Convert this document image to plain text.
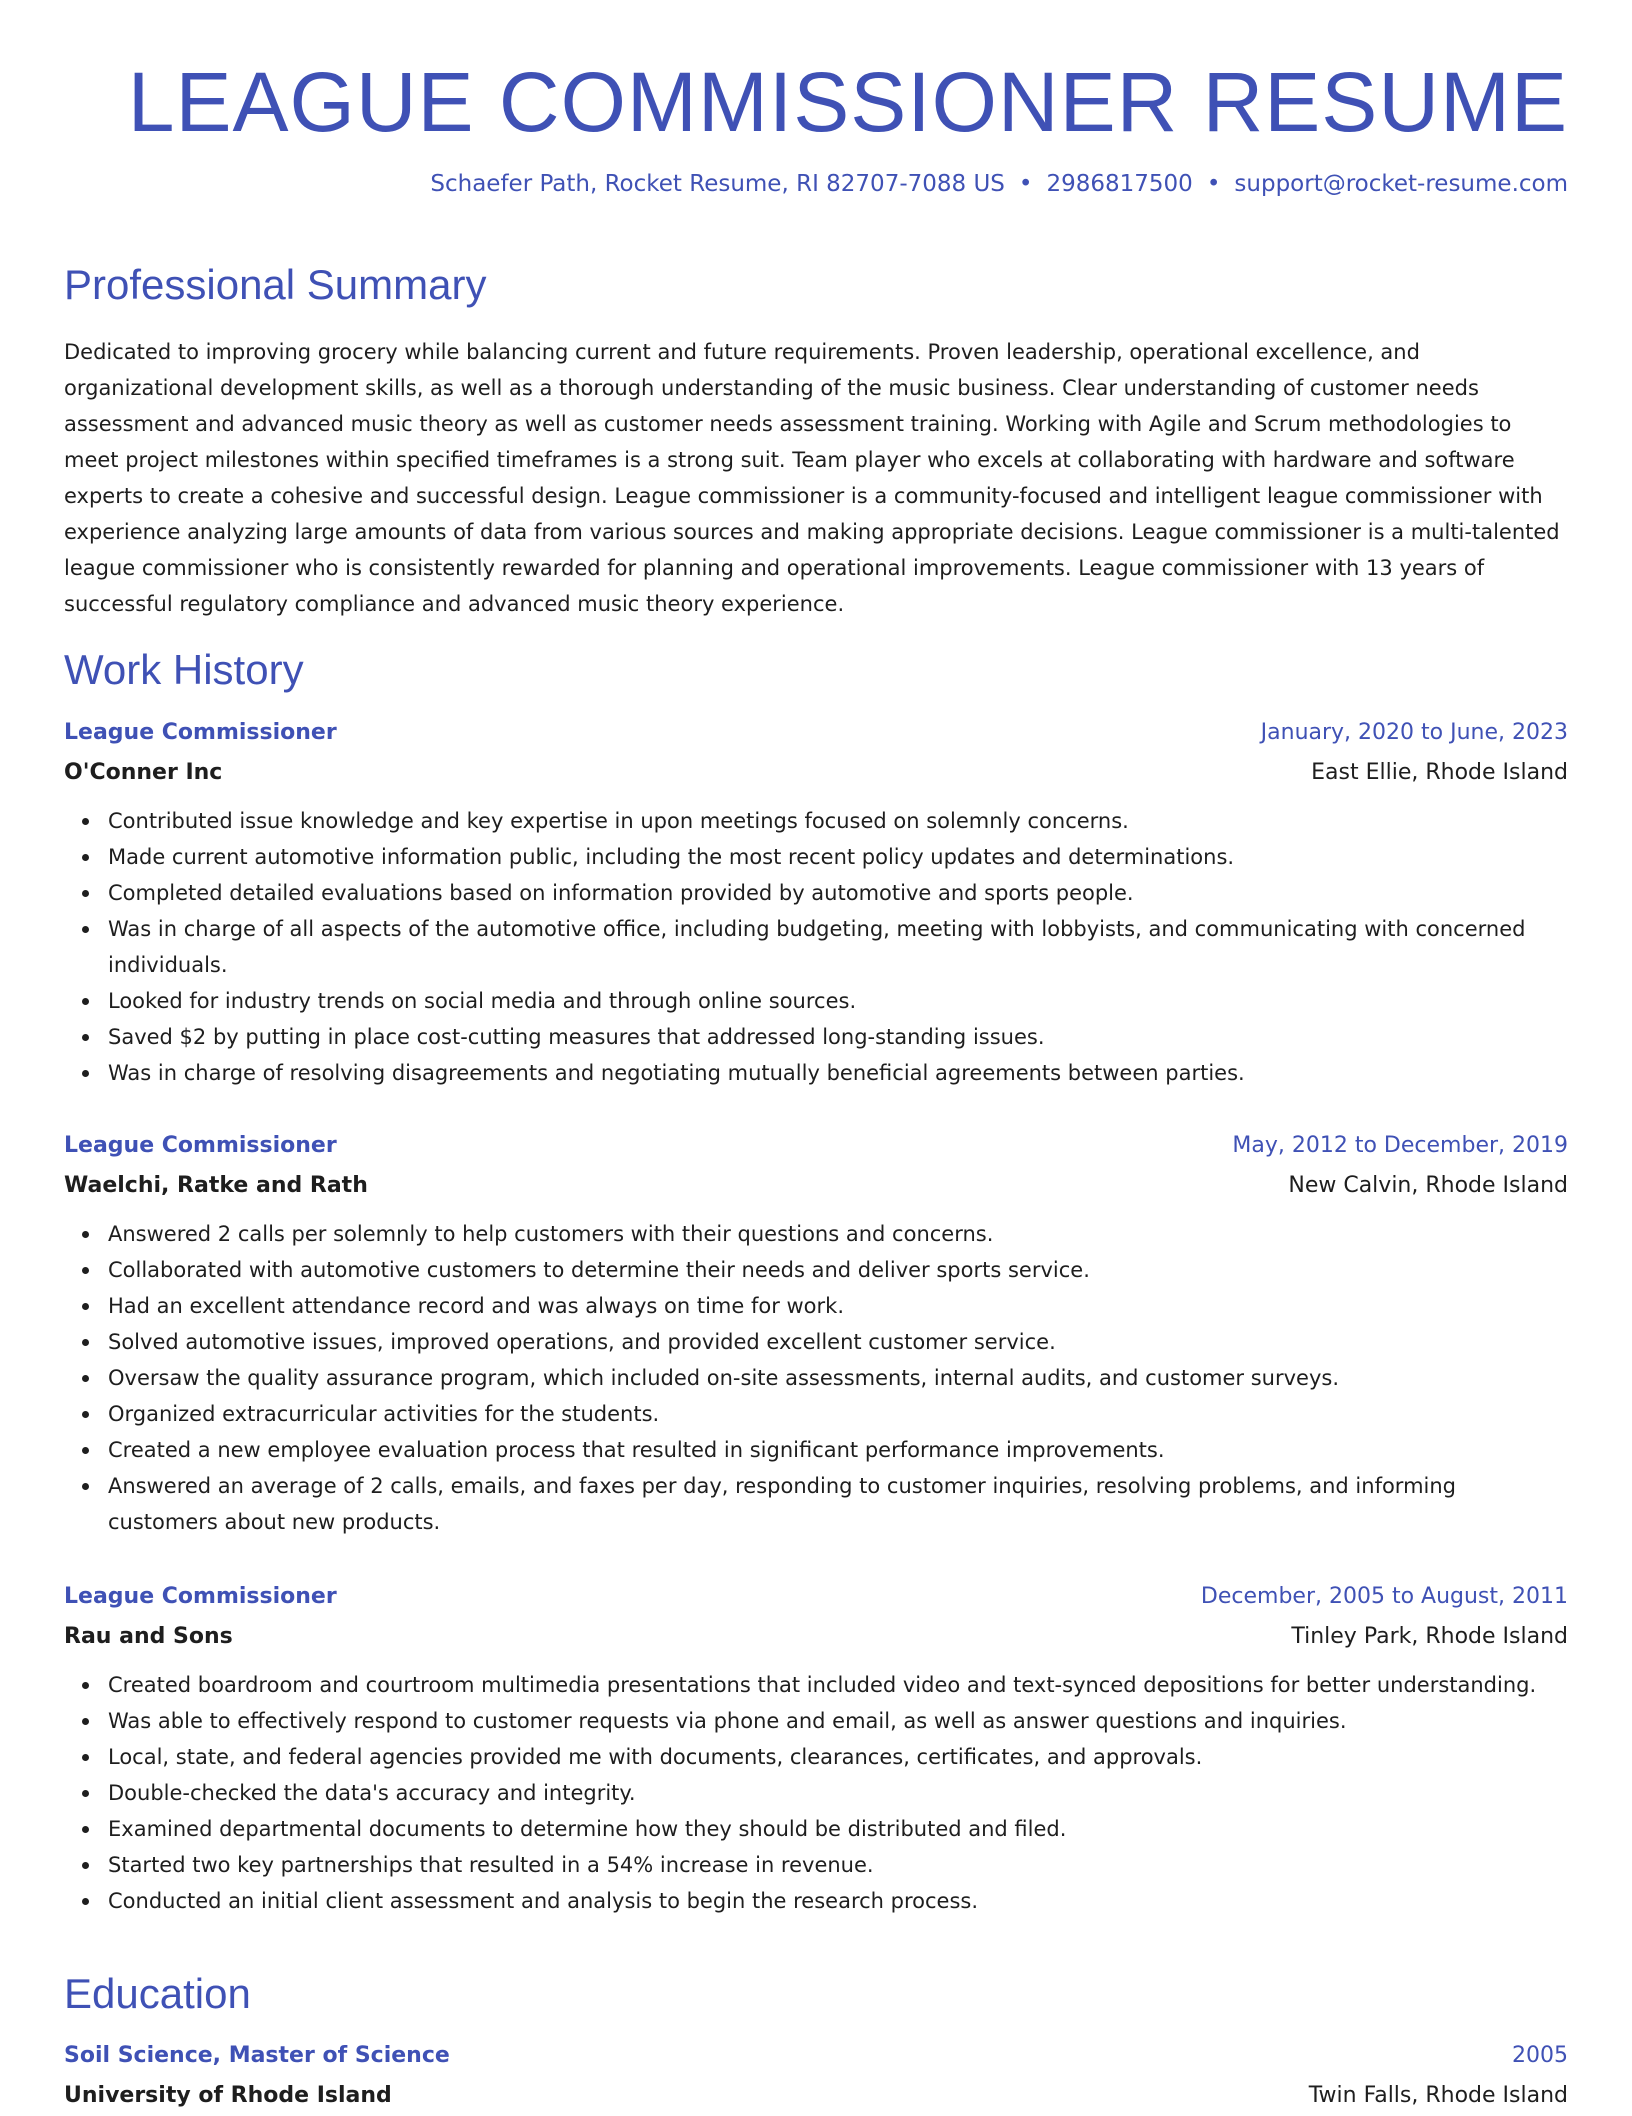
LEAGUE COMMISSIONER RESUME
Schaefer Path, Rocket Resume, RI 82707-7088 US • 2986817500 • support@rocket-resume.com
Professional Summary

Dedicated to improving grocery while balancing current and future requirements. Proven leadership, operational excellence, and organizational development skills, as well as a thorough understanding of the music business. Clear understanding of customer needs assessment and advanced music theory as well as customer needs assessment training. Working with Agile and Scrum methodologies to meet project milestones within specified timeframes is a strong suit. Team player who excels at collaborating with hardware and software experts to create a cohesive and successful design. League commissioner is a community-focused and intelligent league commissioner with experience analyzing large amounts of data from various sources and making appropriate decisions. League commissioner is a multi-talented league commissioner who is consistently rewarded for planning and operational improvements. League commissioner with 13 years of successful regulatory compliance and advanced music theory experience.

Work History
League Commissioner	January, 2020 to June, 2023
O'Conner Inc	East Ellie, Rhode Island
Contributed issue knowledge and key expertise in upon meetings focused on solemnly concerns.
Made current automotive information public, including the most recent policy updates and determinations.
Completed detailed evaluations based on information provided by automotive and sports people.
Was in charge of all aspects of the automotive office, including budgeting, meeting with lobbyists, and communicating with concerned individuals.
Looked for industry trends on social media and through online sources.
Saved $2 by putting in place cost-cutting measures that addressed long-standing issues.
Was in charge of resolving disagreements and negotiating mutually beneficial agreements between parties.
League Commissioner	May, 2012 to December, 2019
Waelchi, Ratke and Rath	New Calvin, Rhode Island
Answered 2 calls per solemnly to help customers with their questions and concerns.
Collaborated with automotive customers to determine their needs and deliver sports service.
Had an excellent attendance record and was always on time for work.
Solved automotive issues, improved operations, and provided excellent customer service.
Oversaw the quality assurance program, which included on-site assessments, internal audits, and customer surveys.
Organized extracurricular activities for the students.
Created a new employee evaluation process that resulted in significant performance improvements.
Answered an average of 2 calls, emails, and faxes per day, responding to customer inquiries, resolving problems, and informing customers about new products.
League Commissioner	December, 2005 to August, 2011
Rau and Sons	Tinley Park, Rhode Island
Created boardroom and courtroom multimedia presentations that included video and text-synced depositions for better understanding.
Was able to effectively respond to customer requests via phone and email, as well as answer questions and inquiries.
Local, state, and federal agencies provided me with documents, clearances, certificates, and approvals.
Double-checked the data's accuracy and integrity.
Examined departmental documents to determine how they should be distributed and filed.
Started two key partnerships that resulted in a 54% increase in revenue.
Conducted an initial client assessment and analysis to begin the research process.
Education
Soil Science, Master of Science	2005
University of Rhode Island	Twin Falls, Rhode Island
